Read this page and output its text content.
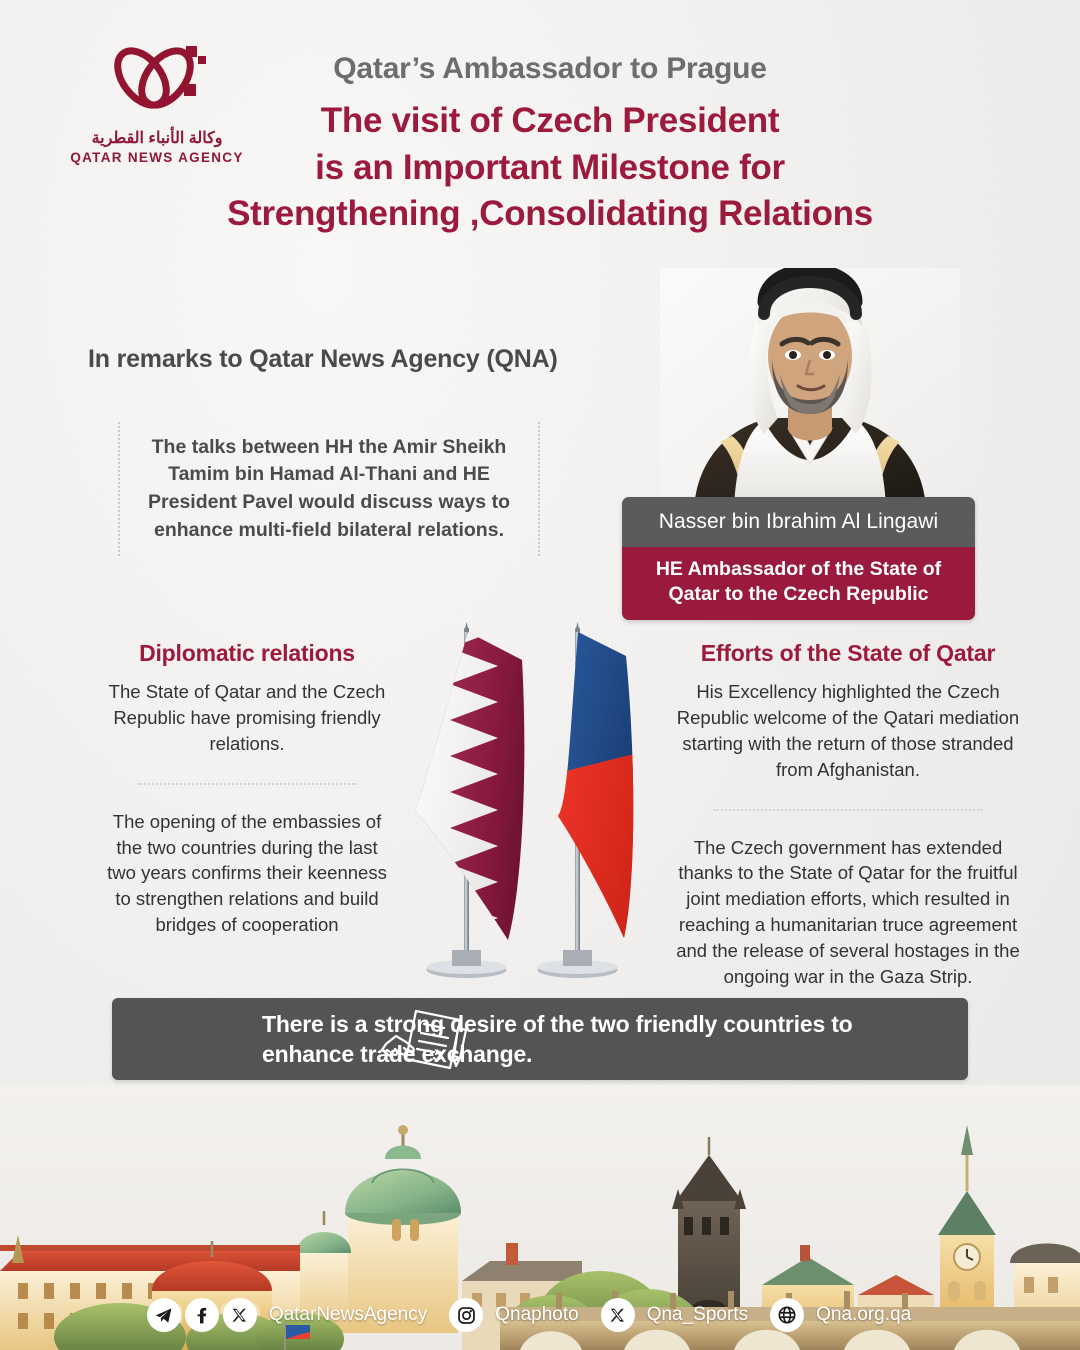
وكالة الأنباء القطرية
QATAR NEWS AGENCY
Qatar’s Ambassador to Prague
The visit of Czech President
is an Important Milestone for
Strengthening ,Consolidating Relations
In remarks to Qatar News Agency (QNA)

The talks between HH the Amir Sheikh Tamim bin Hamad Al-Thani and HE President Pavel would discuss ways to enhance multi-field bilateral relations.	Nasser bin Ibrahim Al Lingawi
HE Ambassador of the State of Qatar to the Czech Republic
Diplomatic relations

The State of Qatar and the Czech Republic have promising friendly relations.

The opening of the embassies of the two countries during the last two years confirms their keenness to strengthen relations and build bridges of cooperation

Efforts of the State of Qatar

His Excellency highlighted the Czech Republic welcome of the Qatari mediation starting with the return of those stranded from Afghanistan.

The Czech government has extended thanks to the State of Qatar for the fruitful joint mediation efforts, which resulted in reaching a humanitarian truce agreement and the release of several hostages in the ongoing war in the Gaza Strip.

There is a strong desire of the two friendly countries to enhance trade exchange.

QatarNewsAgency	Qnaphoto	Qna_Sports	Qna.org.qa
